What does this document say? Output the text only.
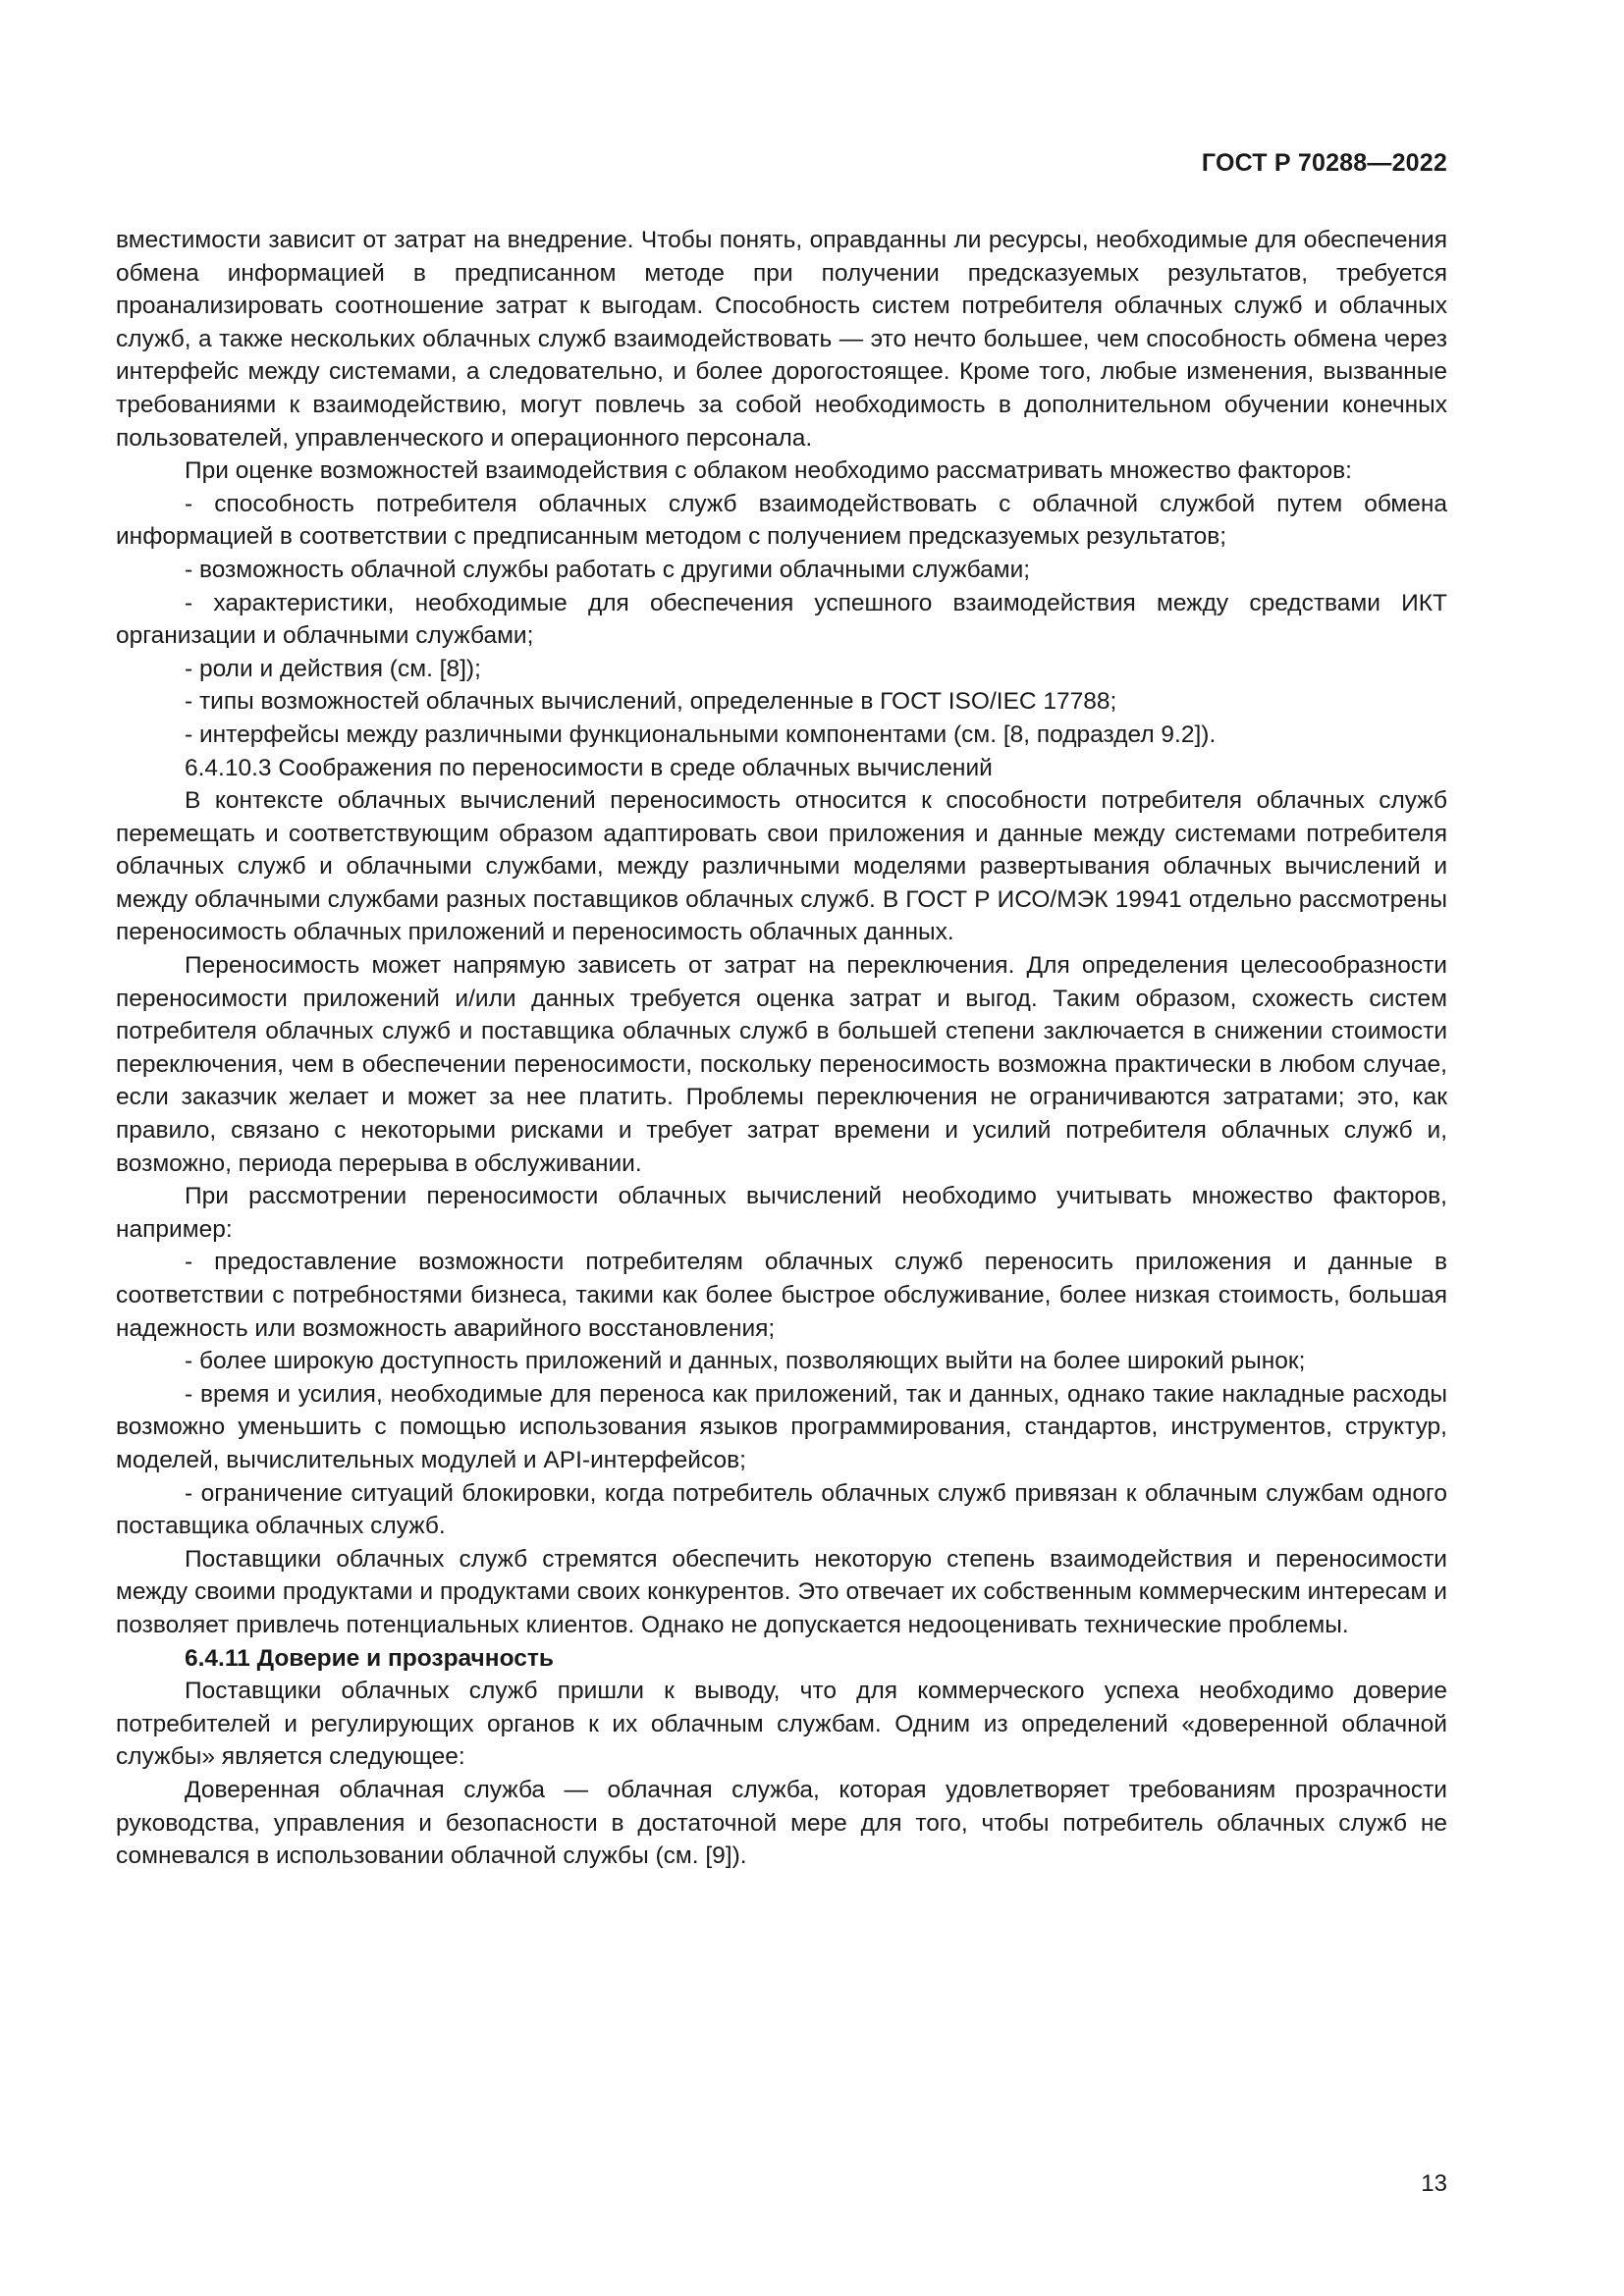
ГОСТ Р 70288—2022

вместимости зависит от затрат на внедрение. Чтобы понять, оправданны ли ресурсы, необходимые для обеспечения обмена информацией в предписанном методе при получении предсказуемых результатов, требуется проанализировать соотношение затрат к выгодам. Способность систем потребителя облачных служб и облачных служб, а также нескольких облачных служб взаимодействовать — это нечто большее, чем способность обмена через интерфейс между системами, а следовательно, и более дорогостоящее. Кроме того, любые изменения, вызванные требованиями к взаимодействию, могут повлечь за собой необходимость в дополнительном обучении конечных пользователей, управленческого и операционного персонала.

При оценке возможностей взаимодействия с облаком необходимо рассматривать множество факторов:

- способность потребителя облачных служб взаимодействовать с облачной службой путем обмена информацией в соответствии с предписанным методом с получением предсказуемых результатов;

- возможность облачной службы работать с другими облачными службами;

- характеристики, необходимые для обеспечения успешного взаимодействия между средствами ИКТ организации и облачными службами;

- роли и действия (см. [8]);

- типы возможностей облачных вычислений, определенные в ГОСТ ISO/IEC 17788;

- интерфейсы между различными функциональными компонентами (см. [8, подраздел 9.2]).

6.4.10.3 Соображения по переносимости в среде облачных вычислений

В контексте облачных вычислений переносимость относится к способности потребителя облачных служб перемещать и соответствующим образом адаптировать свои приложения и данные между системами потребителя облачных служб и облачными службами, между различными моделями развертывания облачных вычислений и между облачными службами разных поставщиков облачных служб. В ГОСТ Р ИСО/МЭК 19941 отдельно рассмотрены переносимость облачных приложений и переносимость облачных данных.

Переносимость может напрямую зависеть от затрат на переключения. Для определения целесообразности переносимости приложений и/или данных требуется оценка затрат и выгод. Таким образом, схожесть систем потребителя облачных служб и поставщика облачных служб в большей степени заключается в снижении стоимости переключения, чем в обеспечении переносимости, поскольку переносимость возможна практически в любом случае, если заказчик желает и может за нее платить. Проблемы переключения не ограничиваются затратами; это, как правило, связано с некоторыми рисками и требует затрат времени и усилий потребителя облачных служб и, возможно, периода перерыва в обслуживании.

При рассмотрении переносимости облачных вычислений необходимо учитывать множество факторов, например:

- предоставление возможности потребителям облачных служб переносить приложения и данные в соответствии с потребностями бизнеса, такими как более быстрое обслуживание, более низкая стоимость, большая надежность или возможность аварийного восстановления;

- более широкую доступность приложений и данных, позволяющих выйти на более широкий рынок;

- время и усилия, необходимые для переноса как приложений, так и данных, однако такие накладные расходы возможно уменьшить с помощью использования языков программирования, стандартов, инструментов, структур, моделей, вычислительных модулей и API-интерфейсов;

- ограничение ситуаций блокировки, когда потребитель облачных служб привязан к облачным службам одного поставщика облачных служб.

Поставщики облачных служб стремятся обеспечить некоторую степень взаимодействия и переносимости между своими продуктами и продуктами своих конкурентов. Это отвечает их собственным коммерческим интересам и позволяет привлечь потенциальных клиентов. Однако не допускается недооценивать технические проблемы.

6.4.11 Доверие и прозрачность

Поставщики облачных служб пришли к выводу, что для коммерческого успеха необходимо доверие потребителей и регулирующих органов к их облачным службам. Одним из определений «доверенной облачной службы» является следующее:

Доверенная облачная служба — облачная служба, которая удовлетворяет требованиям прозрачности руководства, управления и безопасности в достаточной мере для того, чтобы потребитель облачных служб не сомневался в использовании облачной службы (см. [9]).

13
